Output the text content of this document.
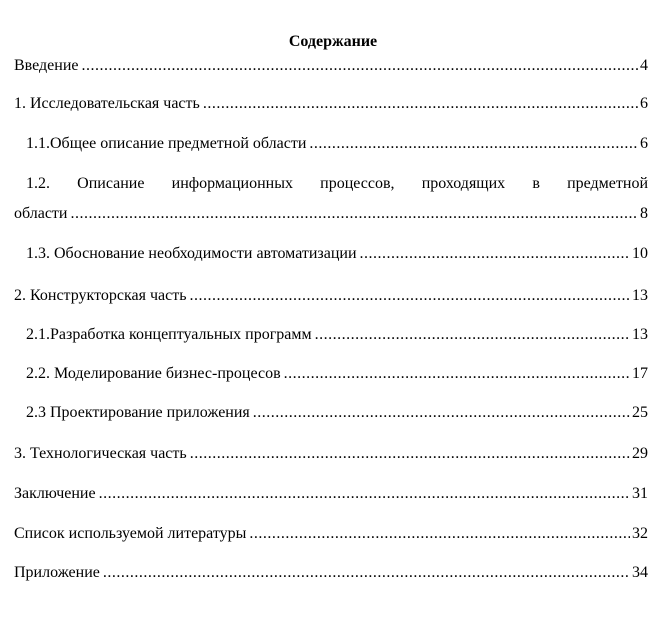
Содержание
Введение .....	4
1. Исследовательская часть .....	6
1.1.Общее описание предметной области .....	6
1.2. Описание информационных процессов, проходящих в предметной
области .....	8
1.3. Обоснование необходимости автоматизации .....	10
2. Конструкторская часть .....	13
2.1.Разработка концептуальных программ .....	13
2.2. Моделирование бизнес-процесов .....	17
2.3 Проектирование приложения .....	25
3. Технологическая часть .....	29
Заключение .....	31
Список используемой литературы .....	32
Приложение .....	34
